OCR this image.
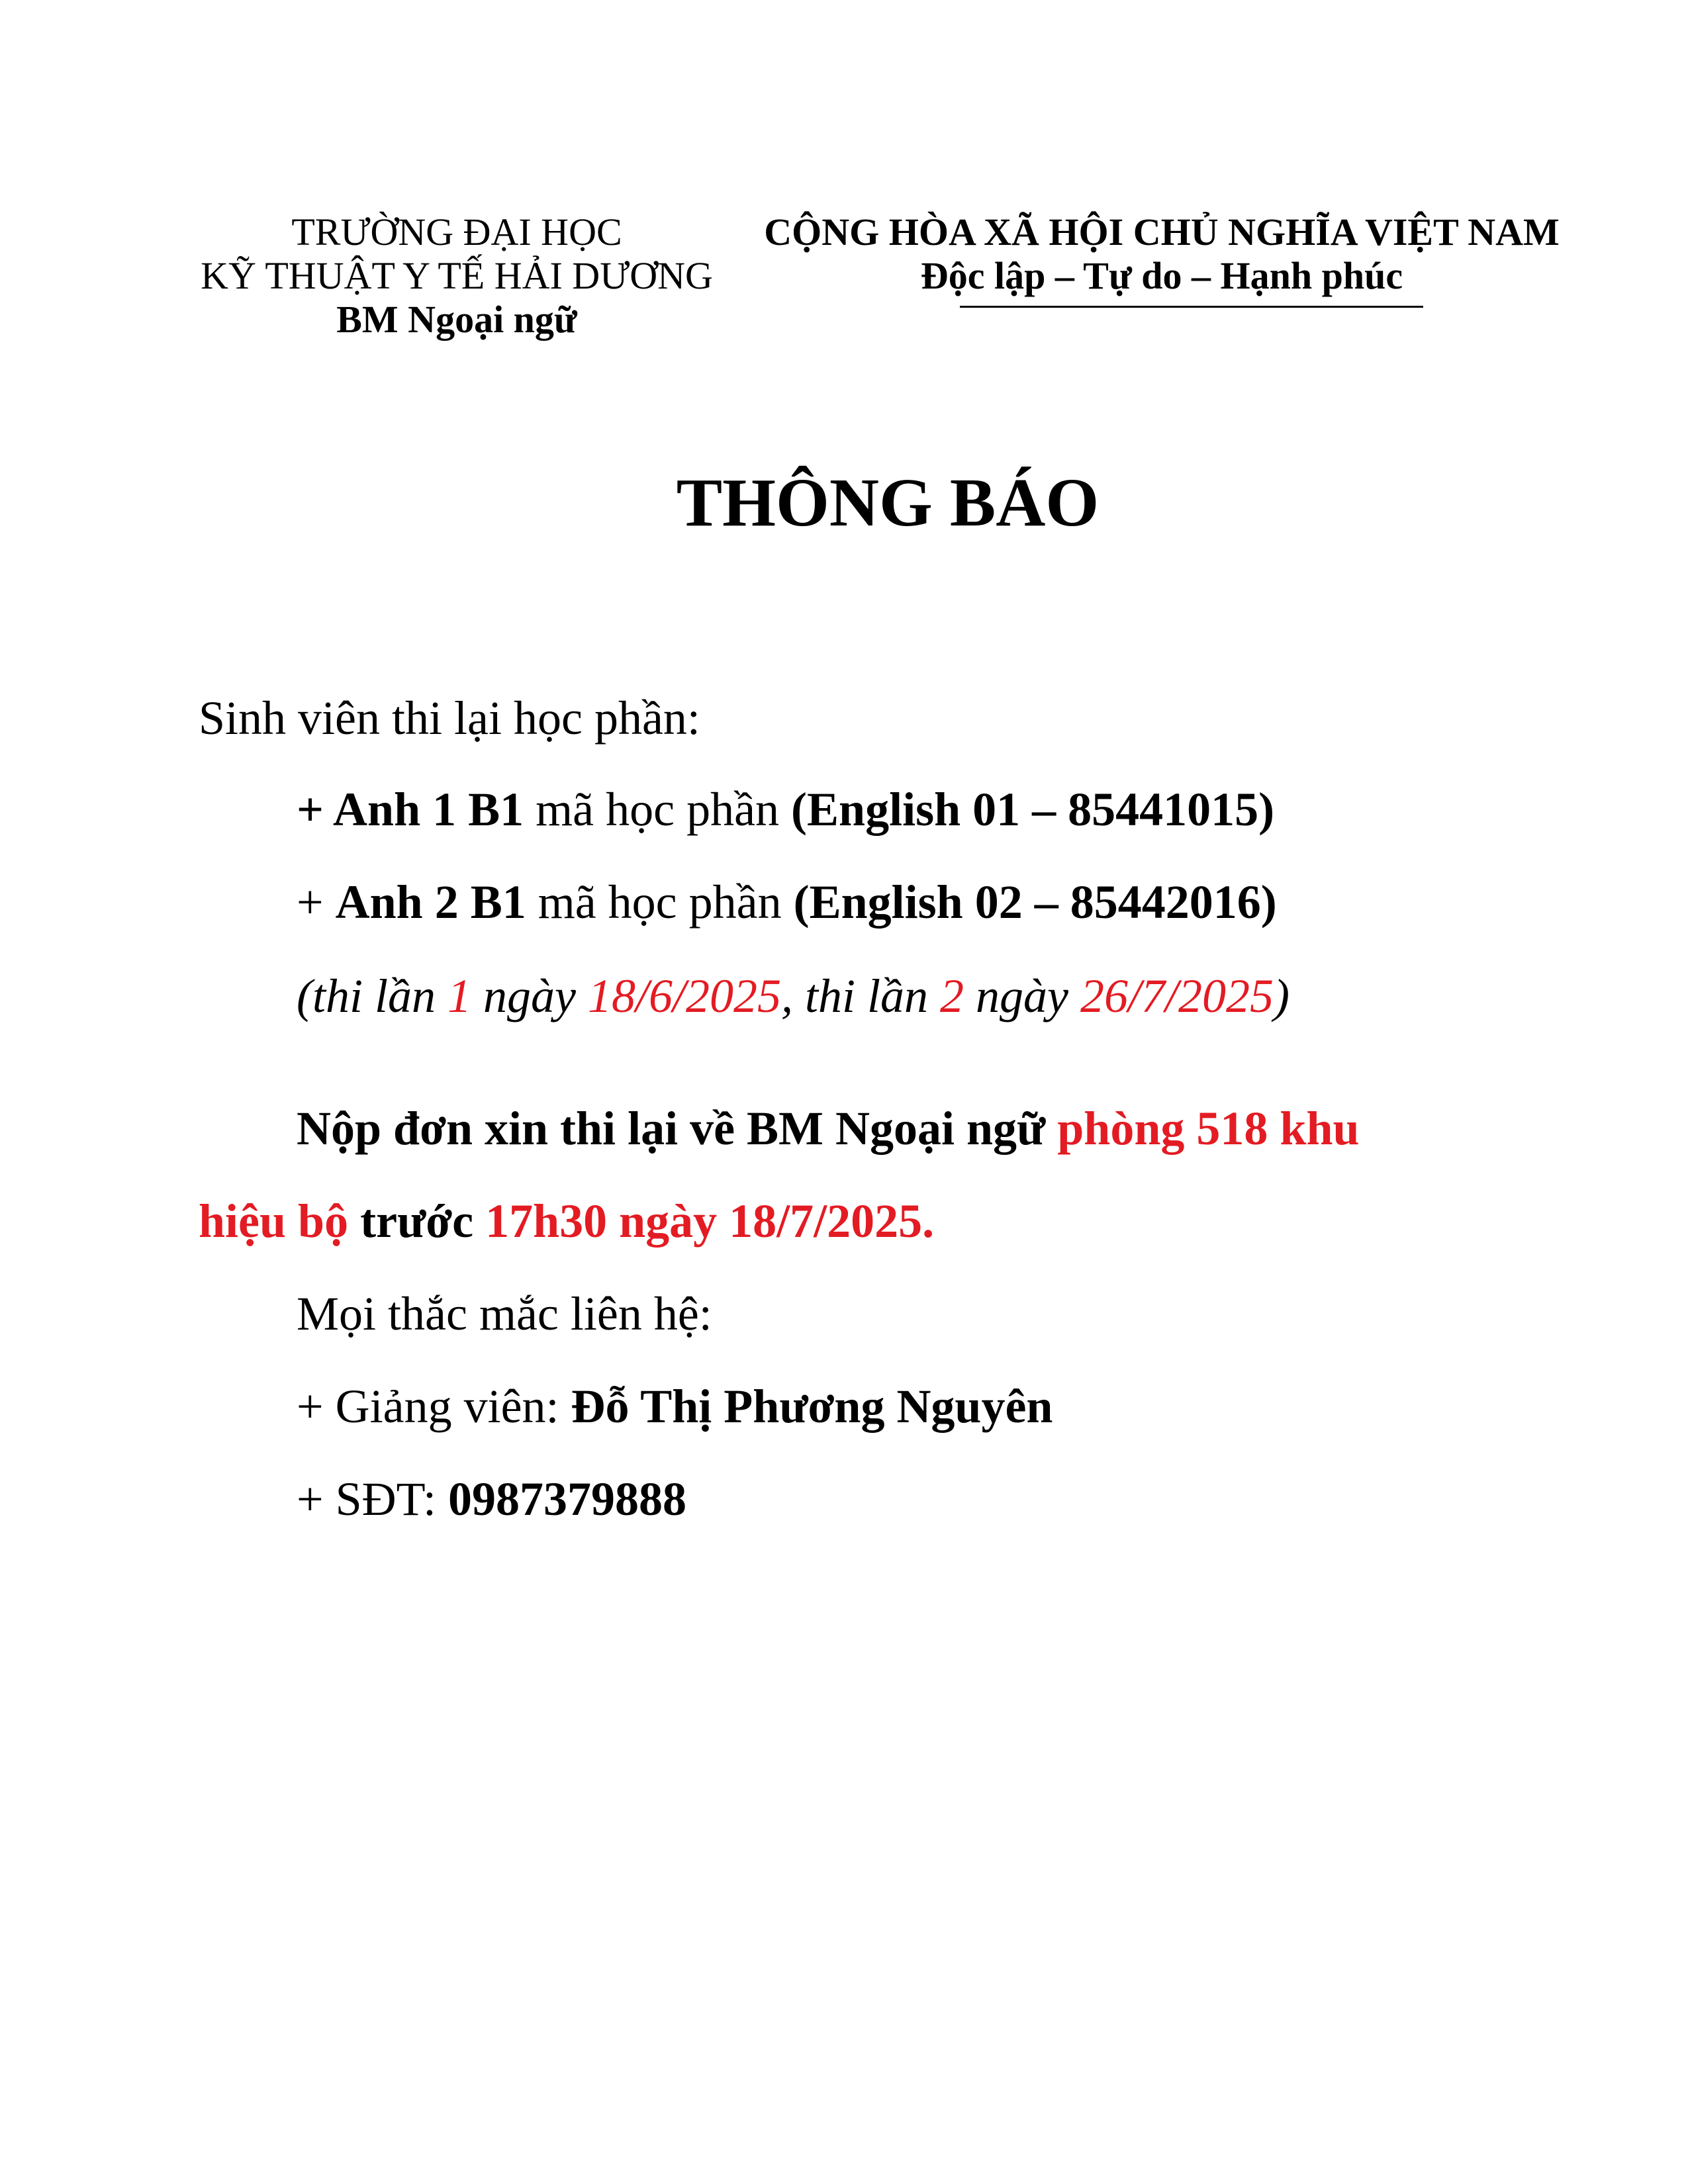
TRƯỜNG ĐẠI HỌC
KỸ THUẬT Y TẾ HẢI DƯƠNG
BM Ngoại ngữ
CỘNG HÒA XÃ HỘI CHỦ NGHĨA VIỆT NAM
Độc lập – Tự do – Hạnh phúc
THÔNG BÁO
Sinh viên thi lại học phần:
+ Anh 1 B1 mã học phần (English 01 – 85441015)
+ Anh 2 B1 mã học phần (English 02 – 85442016)
(thi lần 1 ngày 18/6/2025, thi lần 2 ngày 26/7/2025)
Nộp đơn xin thi lại về BM Ngoại ngữ phòng 518 khu
hiệu bộ trước 17h30 ngày 18/7/2025.
Mọi thắc mắc liên hệ:
+ Giảng viên: Đỗ Thị Phương Nguyên
+ SĐT: 0987379888
